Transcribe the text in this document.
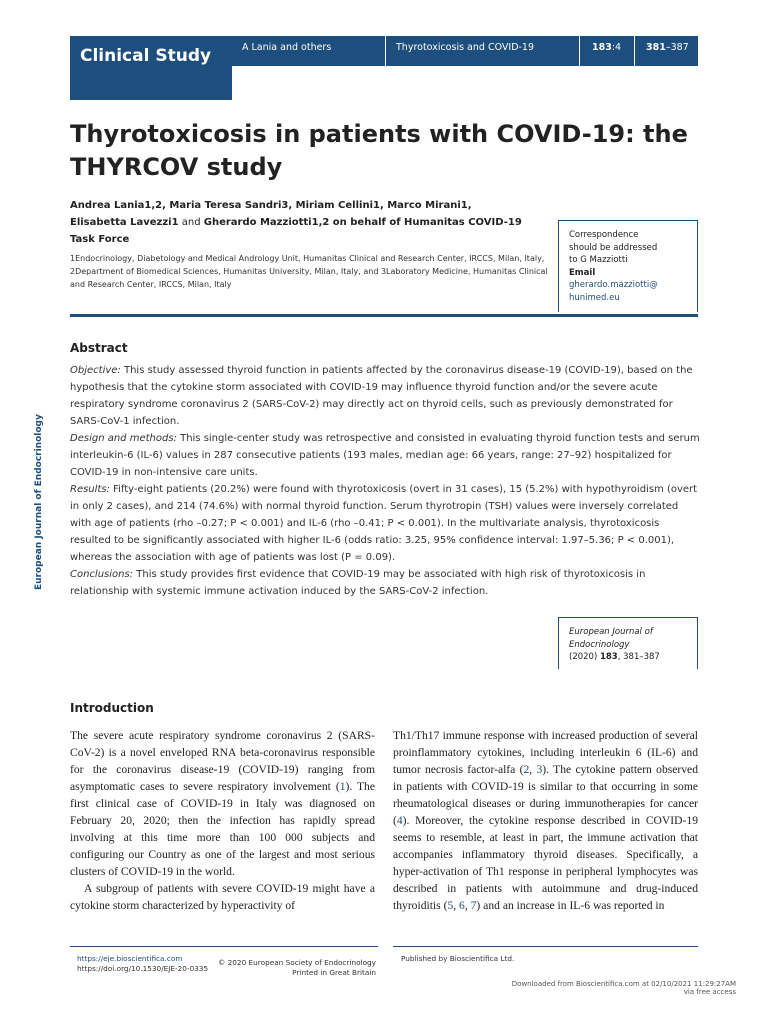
Clinical Study	A Lania and others	Thyrotoxicosis and COVID-19	183:4	381–387
Thyrotoxicosis in patients with COVID-19: the THYRCOV study
Andrea Lania1,2, Maria Teresa Sandri3, Miriam Cellini1, Marco Mirani1,
Elisabetta Lavezzi1 and Gherardo Mazziotti1,2 on behalf of Humanitas COVID-19
Task Force
1Endocrinology, Diabetology and Medical Andrology Unit, Humanitas Clinical and Research Center, IRCCS, Milan, Italy, 2Department of Biomedical Sciences, Humanitas University, Milan, Italy, and 3Laboratory Medicine, Humanitas Clinical and Research Center, IRCCS, Milan, Italy
Correspondence
should be addressed
to G Mazziotti
Email
gherardo.mazziotti@
hunimed.eu
European Journal of Endocrinology
Abstract

Objective: This study assessed thyroid function in patients affected by the coronavirus disease-19 (COVID-19), based on the hypothesis that the cytokine storm associated with COVID-19 may influence thyroid function and/or the severe acute respiratory syndrome coronavirus 2 (SARS-CoV-2) may directly act on thyroid cells, such as previously demonstrated for SARS-CoV-1 infection.

Design and methods: This single-center study was retrospective and consisted in evaluating thyroid function tests and serum interleukin-6 (IL-6) values in 287 consecutive patients (193 males, median age: 66 years, range: 27–92) hospitalized for COVID-19 in non-intensive care units.

Results: Fifty-eight patients (20.2%) were found with thyrotoxicosis (overt in 31 cases), 15 (5.2%) with hypothyroidism (overt in only 2 cases), and 214 (74.6%) with normal thyroid function. Serum thyrotropin (TSH) values were inversely correlated with age of patients (rho –0.27; P < 0.001) and IL-6 (rho –0.41; P < 0.001). In the multivariate analysis, thyrotoxicosis resulted to be significantly associated with higher IL-6 (odds ratio: 3.25, 95% confidence interval: 1.97–5.36; P < 0.001), whereas the association with age of patients was lost (P = 0.09).

Conclusions: This study provides first evidence that COVID-19 may be associated with high risk of thyrotoxicosis in relationship with systemic immune activation induced by the SARS-CoV-2 infection.

European Journal of
Endocrinology
(2020) 183, 381–387
Introduction

The severe acute respiratory syndrome coronavirus 2 (SARS-CoV-2) is a novel enveloped RNA beta-coronavirus responsible for the coronavirus disease-19 (COVID-19) ranging from asymptomatic cases to severe respiratory involvement (1). The first clinical case of COVID-19 in Italy was diagnosed on February 20, 2020; then the infection has rapidly spread involving at this time more than 100 000 subjects and configuring our Country as one of the largest and most serious clusters of COVID-19 in the world.

A subgroup of patients with severe COVID-19 might have a cytokine storm characterized by hyperactivity of

Th1/Th17 immune response with increased production of several proinflammatory cytokines, including interleukin 6 (IL-6) and tumor necrosis factor-alfa (2, 3). The cytokine pattern observed in patients with COVID-19 is similar to that occurring in some rheumatological diseases or during immunotherapies for cancer (4). Moreover, the cytokine response described in COVID-19 seems to resemble, at least in part, the immune activation that accompanies inflammatory thyroid diseases. Specifically, a hyper-activation of Th1 response in peripheral lymphocytes was described in patients with autoimmune and drug-induced thyroiditis (5, 6, 7) and an increase in IL-6 was reported in

https://eje.bioscientifica.com
https://doi.org/10.1530/EJE-20-0335
© 2020 European Society of Endocrinology
Printed in Great Britain
Published by Bioscientifica Ltd.
Downloaded from Bioscientifica.com at 02/10/2021 11:29:27AM
via free access
